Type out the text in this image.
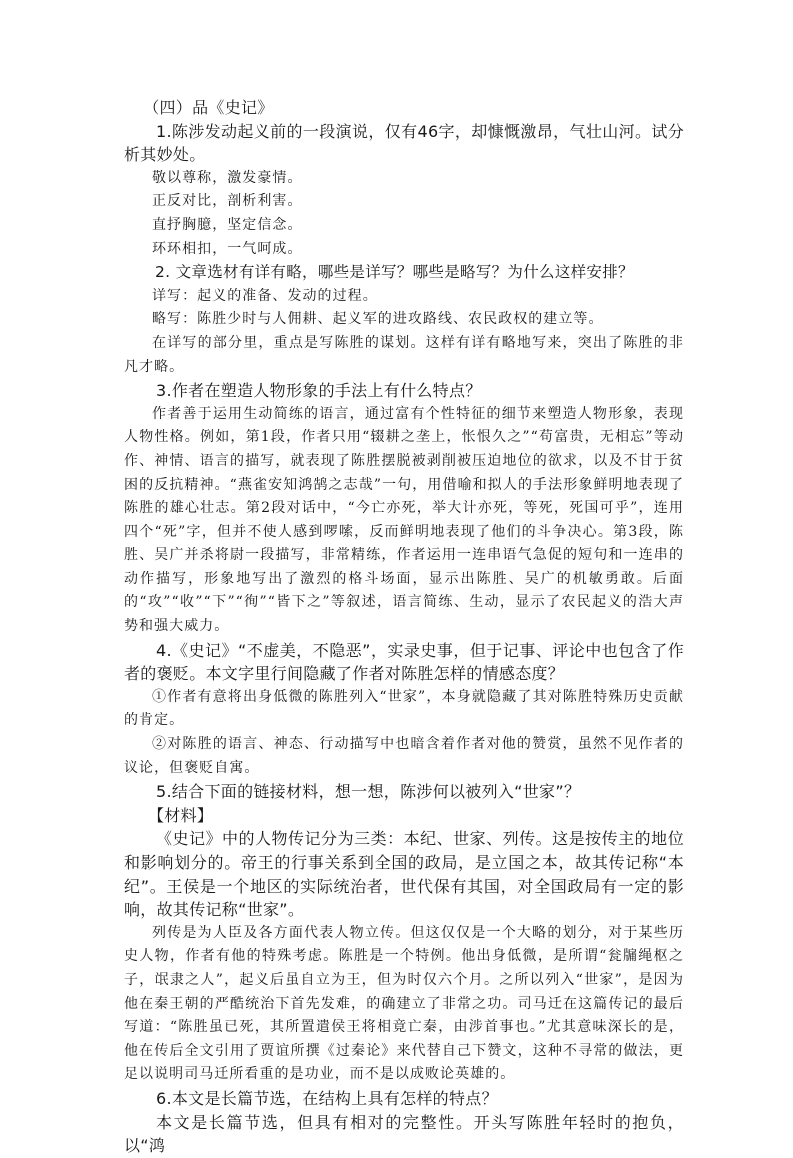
（四）品《史记》

1.陈涉发动起义前的一段演说，仅有46字，却慷慨激昂，气壮山河。试分析其妙处。

敬以尊称，激发豪情。

正反对比，剖析利害。

直抒胸臆，坚定信念。

环环相扣，一气呵成。

2. 文章选材有详有略，哪些是详写？哪些是略写？为什么这样安排？

详写：起义的准备、发动的过程。

略写：陈胜少时与人佣耕、起义军的进攻路线、农民政权的建立等。

在详写的部分里，重点是写陈胜的谋划。这样有详有略地写来，突出了陈胜的非凡才略。

3.作者在塑造人物形象的手法上有什么特点？

作者善于运用生动简练的语言，通过富有个性特征的细节来塑造人物形象，表现人物性格。例如，第1段，作者只用“辍耕之垄上，怅恨久之”“苟富贵，无相忘”等动作、神情、语言的描写，就表现了陈胜摆脱被剥削被压迫地位的欲求，以及不甘于贫困的反抗精神。“燕雀安知鸿鹄之志哉”一句，用借喻和拟人的手法形象鲜明地表现了陈胜的雄心壮志。第2段对话中，“今亡亦死，举大计亦死，等死，死国可乎”，连用四个“死”字，但并不使人感到啰嗦，反而鲜明地表现了他们的斗争决心。第3段，陈胜、吴广并杀将尉一段描写，非常精练，作者运用一连串语气急促的短句和一连串的动作描写，形象地写出了激烈的格斗场面，显示出陈胜、吴广的机敏勇敢。后面的“攻”“收”“下”“徇”“皆下之”等叙述，语言简练、生动，显示了农民起义的浩大声势和强大威力。

4.《史记》“不虚美，不隐恶”，实录史事，但于记事、评论中也包含了作者的褒贬。本文字里行间隐藏了作者对陈胜怎样的情感态度？

①作者有意将出身低微的陈胜列入“世家”，本身就隐藏了其对陈胜特殊历史贡献的肯定。

②对陈胜的语言、神态、行动描写中也暗含着作者对他的赞赏，虽然不见作者的议论，但褒贬自寓。

5.结合下面的链接材料，想一想，陈涉何以被列入“世家”？

【材料】

《史记》中的人物传记分为三类：本纪、世家、列传。这是按传主的地位和影响划分的。帝王的行事关系到全国的政局，是立国之本，故其传记称“本纪”。王侯是一个地区的实际统治者，世代保有其国，对全国政局有一定的影响，故其传记称“世家”。

列传是为人臣及各方面代表人物立传。但这仅仅是一个大略的划分，对于某些历史人物，作者有他的特殊考虑。陈胜是一个特例。他出身低微，是所谓“瓮牖绳枢之子，氓隶之人”，起义后虽自立为王，但为时仅六个月。之所以列入“世家”，是因为他在秦王朝的严酷统治下首先发难，的确建立了非常之功。司马迁在这篇传记的最后写道：“陈胜虽已死，其所置遣侯王将相竟亡秦，由涉首事也。”尤其意味深长的是，他在传后全文引用了贾谊所撰《过秦论》来代替自己下赞文，这种不寻常的做法，更足以说明司马迁所看重的是功业，而不是以成败论英雄的。

6.本文是长篇节选，在结构上具有怎样的特点？

本文是长篇节选，但具有相对的完整性。开头写陈胜年轻时的抱负，以“鸿
